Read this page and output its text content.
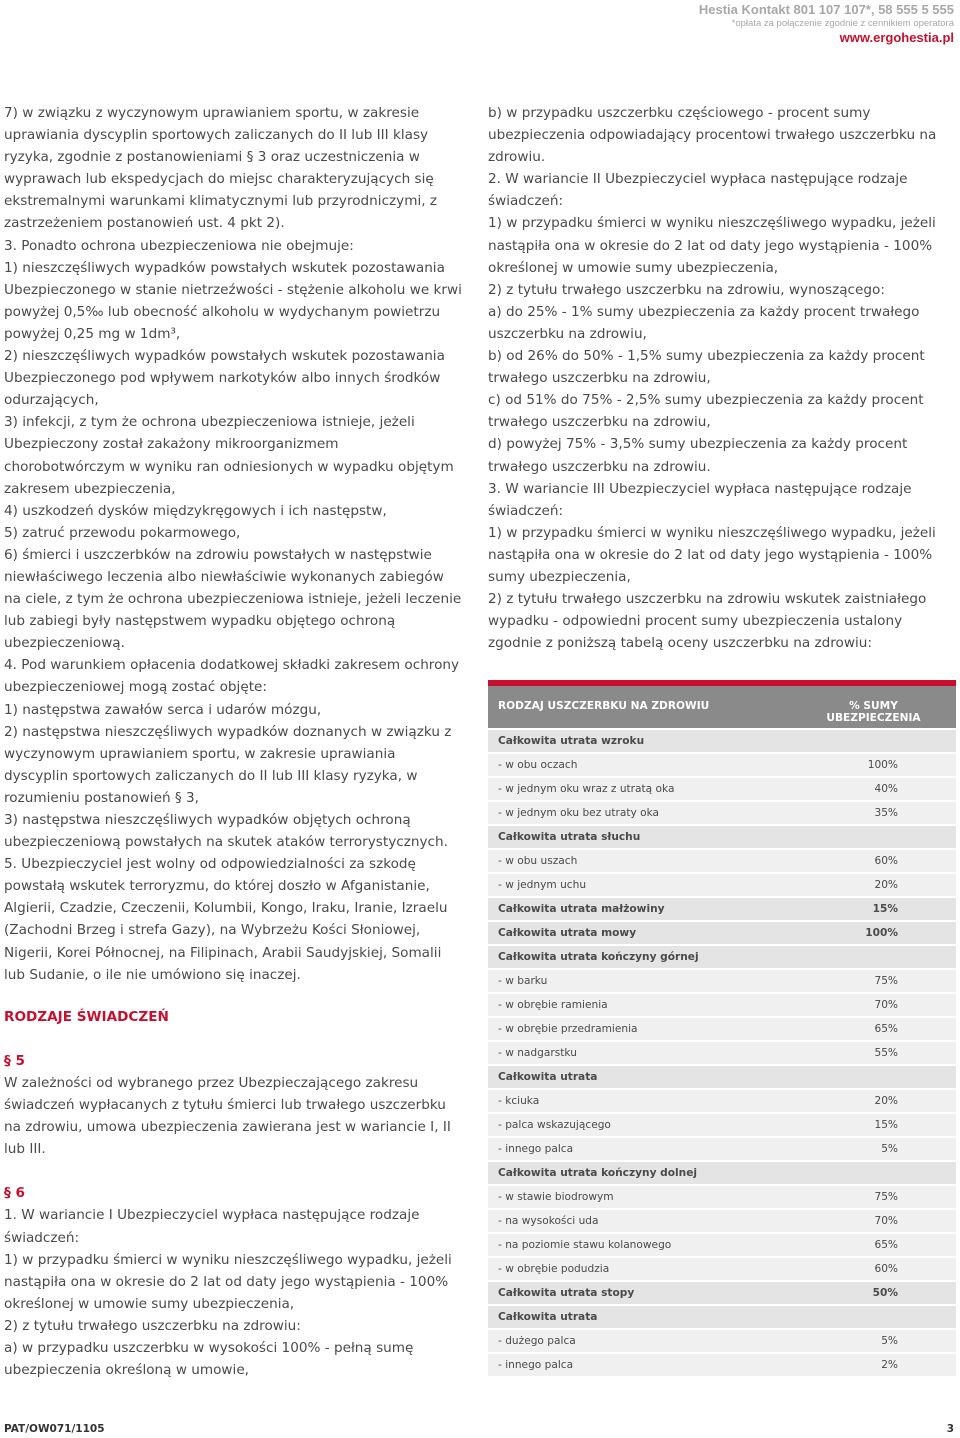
Hestia Kontakt 801 107 107*, 58 555 5 555
*opłata za połączenie zgodnie z cennikiem operatora
www.ergohestia.pl
7) w związku z wyczynowym uprawianiem sportu, w zakresie uprawiania dyscyplin sportowych zaliczanych do II lub III klasy ryzyka, zgodnie z postanowieniami § 3 oraz uczestniczenia w wyprawach lub ekspedycjach do miejsc charakteryzujących się ekstremalnymi warunkami klimatycznymi lub przyrodniczymi, z zastrzeżeniem postanowień ust. 4 pkt 2).
3. Ponadto ochrona ubezpieczeniowa nie obejmuje:
1) nieszczęśliwych wypadków powstałych wskutek pozostawania Ubezpieczonego w stanie nietrzeźwości - stężenie alkoholu we krwi powyżej 0,5‰ lub obecność alkoholu w wydychanym powietrzu powyżej 0,25 mg w 1dm³,
2) nieszczęśliwych wypadków powstałych wskutek pozostawania Ubezpieczonego pod wpływem narkotyków albo innych środków odurzających,
3) infekcji, z tym że ochrona ubezpieczeniowa istnieje, jeżeli Ubezpieczony został zakażony mikroorganizmem chorobotwórczym w wyniku ran odniesionych w wypadku objętym zakresem ubezpieczenia,
4) uszkodzeń dysków międzykręgowych i ich następstw,
5) zatruć przewodu pokarmowego,
6) śmierci i uszczerbków na zdrowiu powstałych w następstwie niewłaściwego leczenia albo niewłaściwie wykonanych zabiegów na ciele, z tym że ochrona ubezpieczeniowa istnieje, jeżeli leczenie lub zabiegi były następstwem wypadku objętego ochroną ubezpieczeniową.
4. Pod warunkiem opłacenia dodatkowej składki zakresem ochrony ubezpieczeniowej mogą zostać objęte:
1) następstwa zawałów serca i udarów mózgu,
2) następstwa nieszczęśliwych wypadków doznanych w związku z wyczynowym uprawianiem sportu, w zakresie uprawiania dyscyplin sportowych zaliczanych do II lub III klasy ryzyka, w rozumieniu postanowień § 3,
3) następstwa nieszczęśliwych wypadków objętych ochroną ubezpieczeniową powstałych na skutek ataków terrorystycznych.
5. Ubezpieczyciel jest wolny od odpowiedzialności za szkodę powstałą wskutek terroryzmu, do której doszło w Afganistanie, Algierii, Czadzie, Czeczenii, Kolumbii, Kongo, Iraku, Iranie, Izraelu (Zachodni Brzeg i strefa Gazy), na Wybrzeżu Kości Słoniowej, Nigerii, Korei Północnej, na Filipinach, Arabii Saudyjskiej, Somalii lub Sudanie, o ile nie umówiono się inaczej.
RODZAJE ŚWIADCZEŃ
§ 5
W zależności od wybranego przez Ubezpieczającego zakresu świadczeń wypłacanych z tytułu śmierci lub trwałego uszczerbku na zdrowiu, umowa ubezpieczenia zawierana jest w wariancie I, II lub III.
§ 6
1. W wariancie I Ubezpieczyciel wypłaca następujące rodzaje świadczeń:
1) w przypadku śmierci w wyniku nieszczęśliwego wypadku, jeżeli nastąpiła ona w okresie do 2 lat od daty jego wystąpienia - 100% określonej w umowie sumy ubezpieczenia,
2) z tytułu trwałego uszczerbku na zdrowiu:
a) w przypadku uszczerbku w wysokości 100% - pełną sumę ubezpieczenia określoną w umowie,
b) w przypadku uszczerbku częściowego - procent sumy ubezpieczenia odpowiadający procentowi trwałego uszczerbku na zdrowiu.
2. W wariancie II Ubezpieczyciel wypłaca następujące rodzaje świadczeń:
1) w przypadku śmierci w wyniku nieszczęśliwego wypadku, jeżeli nastąpiła ona w okresie do 2 lat od daty jego wystąpienia - 100% określonej w umowie sumy ubezpieczenia,
2) z tytułu trwałego uszczerbku na zdrowiu, wynoszącego:
a) do 25% - 1% sumy ubezpieczenia za każdy procent trwałego uszczerbku na zdrowiu,
b) od 26% do 50% - 1,5% sumy ubezpieczenia za każdy procent trwałego uszczerbku na zdrowiu,
c) od 51% do 75% - 2,5% sumy ubezpieczenia za każdy procent trwałego uszczerbku na zdrowiu,
d) powyżej 75% - 3,5% sumy ubezpieczenia za każdy procent trwałego uszczerbku na zdrowiu.
3. W wariancie III Ubezpieczyciel wypłaca następujące rodzaje świadczeń:
1) w przypadku śmierci w wyniku nieszczęśliwego wypadku, jeżeli nastąpiła ona w okresie do 2 lat od daty jego wystąpienia - 100% sumy ubezpieczenia,
2) z tytułu trwałego uszczerbku na zdrowiu wskutek zaistniałego wypadku - odpowiedni procent sumy ubezpieczenia ustalony zgodnie z poniższą tabelą oceny uszczerbku na zdrowiu:
RODZAJ USZCZERBKU NA ZDROWIU	% SUMY UBEZPIECZENIA
Całkowita utrata wzroku	
- w obu oczach	100%
- w jednym oku wraz z utratą oka	40%
- w jednym oku bez utraty oka	35%
Całkowita utrata słuchu	
- w obu uszach	60%
- w jednym uchu	20%
Całkowita utrata małżowiny	15%
Całkowita utrata mowy	100%
Całkowita utrata kończyny górnej	
- w barku	75%
- w obrębie ramienia	70%
- w obrębie przedramienia	65%
- w nadgarstku	55%
Całkowita utrata	
- kciuka	20%
- palca wskazującego	15%
- innego palca	5%
Całkowita utrata kończyny dolnej	
- w stawie biodrowym	75%
- na wysokości uda	70%
- na poziomie stawu kolanowego	65%
- w obrębie podudzia	60%
Całkowita utrata stopy	50%
Całkowita utrata	
- dużego palca	5%
- innego palca	2%
PAT/OW071/1105	3
